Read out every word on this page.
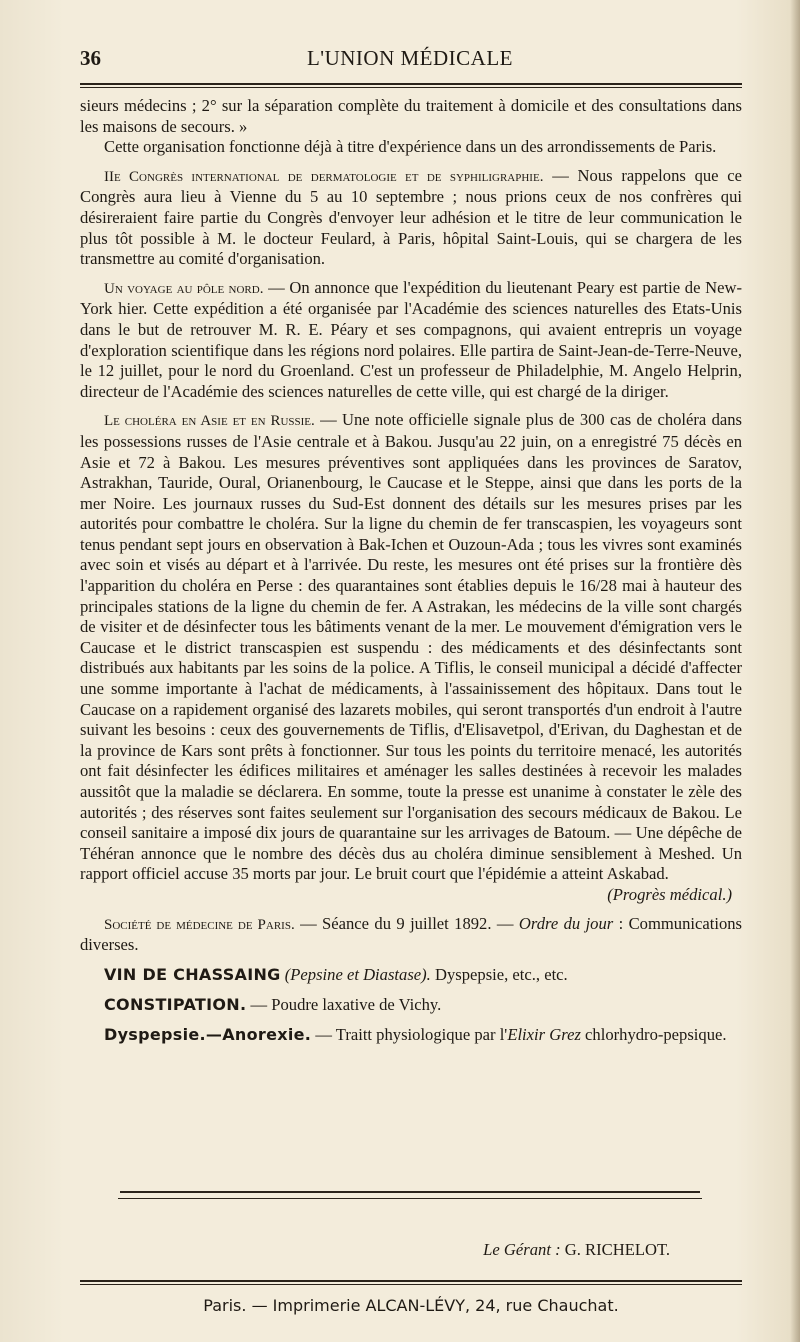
36	L'UNION MÉDICALE

sieurs médecins ; 2° sur la séparation complète du traitement à domicile et des consultations dans les maisons de secours. »

Cette organisation fonctionne déjà à titre d'expérience dans un des arrondissements de Paris.

IIe Congrès international de dermatologie et de syphiligraphie. — Nous rappelons que ce Congrès aura lieu à Vienne du 5 au 10 septembre ; nous prions ceux de nos confrères qui désireraient faire partie du Congrès d'envoyer leur adhésion et le titre de leur communication le plus tôt possible à M. le docteur Feulard, à Paris, hôpital Saint-Louis, qui se chargera de les transmettre au comité d'organisation.

Un voyage au pôle nord. — On annonce que l'expédition du lieutenant Peary est partie de New-York hier. Cette expédition a été organisée par l'Académie des sciences naturelles des Etats-Unis dans le but de retrouver M. R. E. Péary et ses compagnons, qui avaient entrepris un voyage d'exploration scientifique dans les régions nord polaires. Elle partira de Saint-Jean-de-Terre-Neuve, le 12 juillet, pour le nord du Groenland. C'est un professeur de Philadelphie, M. Angelo Helprin, directeur de l'Académie des sciences naturelles de cette ville, qui est chargé de la diriger.

Le choléra en Asie et en Russie. — Une note officielle signale plus de 300 cas de choléra dans les possessions russes de l'Asie centrale et à Bakou. Jusqu'au 22 juin, on a enregistré 75 décès en Asie et 72 à Bakou. Les mesures préventives sont appliquées dans les provinces de Saratov, Astrakhan, Tauride, Oural, Orianenbourg, le Caucase et le Steppe, ainsi que dans les ports de la mer Noire. Les journaux russes du Sud-Est donnent des détails sur les mesures prises par les autorités pour combattre le choléra. Sur la ligne du chemin de fer transcaspien, les voyageurs sont tenus pendant sept jours en observation à Bak-Ichen et Ouzoun-Ada ; tous les vivres sont examinés avec soin et visés au départ et à l'arrivée. Du reste, les mesures ont été prises sur la frontière dès l'apparition du choléra en Perse : des quarantaines sont établies depuis le 16/28 mai à hauteur des principales stations de la ligne du chemin de fer. A Astrakan, les médecins de la ville sont chargés de visiter et de désinfecter tous les bâtiments venant de la mer. Le mouvement d'émigration vers le Caucase et le district transcaspien est suspendu : des médicaments et des désinfectants sont distribués aux habitants par les soins de la police. A Tiflis, le conseil municipal a décidé d'affecter une somme importante à l'achat de médicaments, à l'assainissement des hôpitaux. Dans tout le Caucase on a rapidement organisé des lazarets mobiles, qui seront transportés d'un endroit à l'autre suivant les besoins : ceux des gouvernements de Tiflis, d'Elisavetpol, d'Erivan, du Daghestan et de la province de Kars sont prêts à fonctionner. Sur tous les points du territoire menacé, les autorités ont fait désinfecter les édifices militaires et aménager les salles destinées à recevoir les malades aussitôt que la maladie se déclarera. En somme, toute la presse est unanime à constater le zèle des autorités ; des réserves sont faites seulement sur l'organisation des secours médicaux de Bakou. Le conseil sanitaire a imposé dix jours de quarantaine sur les arrivages de Batoum. — Une dépêche de Téhéran annonce que le nombre des décès dus au choléra diminue sensiblement à Meshed. Un rapport officiel accuse 35 morts par jour. Le bruit court que l'épidémie a atteint Askabad.

(Progrès médical.)

Société de médecine de Paris. — Séance du 9 juillet 1892. — Ordre du jour : Communications diverses.

VIN DE CHASSAING (Pepsine et Diastase). Dyspepsie, etc., etc.

CONSTIPATION. — Poudre laxative de Vichy.

Dyspepsie.—Anorexie. — Traitt physiologique par l'Elixir Grez chlorhydro-pepsique.

Le Gérant : G. RICHELOT.
Paris. — Imprimerie ALCAN-LÉVY, 24, rue Chauchat.
